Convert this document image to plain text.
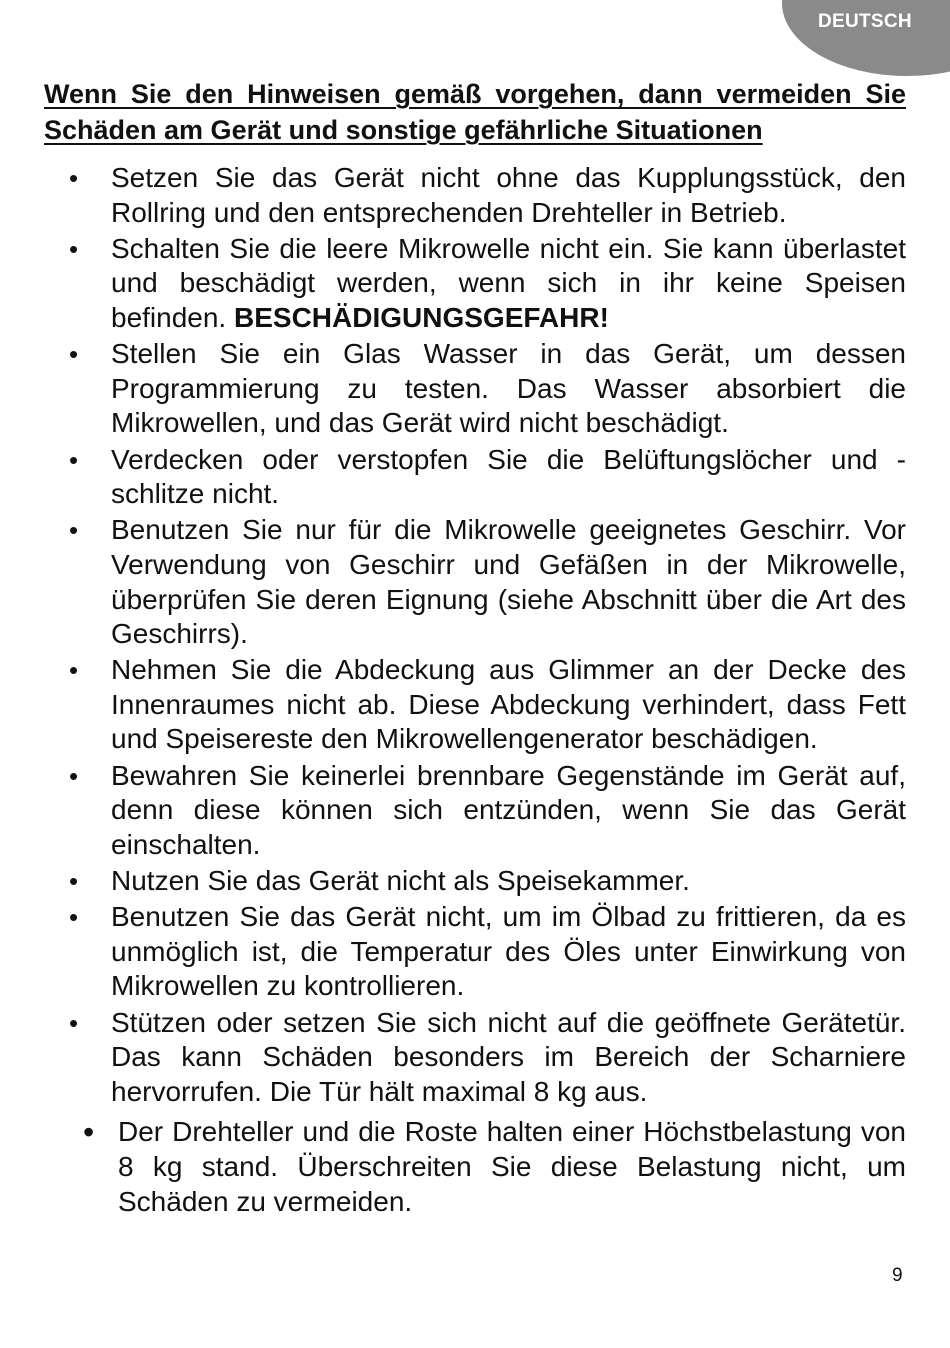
DEUTSCH
Wenn Sie den Hinweisen gemäß vorgehen, dann vermeiden Sie Schäden am Gerät und sonstige gefährliche Situationen
• Setzen Sie das Gerät nicht ohne das Kupplungsstück, den Rollring und den entsprechenden Drehteller in Betrieb.
• Schalten Sie die leere Mikrowelle nicht ein. Sie kann überlastet und beschädigt werden, wenn sich in ihr keine Speisen befinden. BESCHÄDIGUNGSGEFAHR!
• Stellen Sie ein Glas Wasser in das Gerät, um dessen Programmierung zu testen. Das Wasser absorbiert die Mikrowellen, und das Gerät wird nicht beschädigt.
• Verdecken oder verstopfen Sie die Belüftungslöcher und -schlitze nicht.
• Benutzen Sie nur für die Mikrowelle geeignetes Geschirr. Vor Verwendung von Geschirr und Gefäßen in der Mikrowelle, überprüfen Sie deren Eignung (siehe Abschnitt über die Art des Geschirrs).
• Nehmen Sie die Abdeckung aus Glimmer an der Decke des Innenraumes nicht ab. Diese Abdeckung verhindert, dass Fett und Speisereste den Mikrowellengenerator beschädigen.
• Bewahren Sie keinerlei brennbare Gegenstände im Gerät auf, denn diese können sich entzünden, wenn Sie das Gerät einschalten.
• Nutzen Sie das Gerät nicht als Speisekammer.
• Benutzen Sie das Gerät nicht, um im Ölbad zu frittieren, da es unmöglich ist, die Temperatur des Öles unter Einwirkung von Mikrowellen zu kontrollieren.
• Stützen oder setzen Sie sich nicht auf die geöffnete Gerätetür. Das kann Schäden besonders im Bereich der Scharniere hervorrufen. Die Tür hält maximal 8 kg aus.
• Der Drehteller und die Roste halten einer Höchstbelastung von 8 kg stand. Überschreiten Sie diese Belastung nicht, um Schäden zu vermeiden.
9
